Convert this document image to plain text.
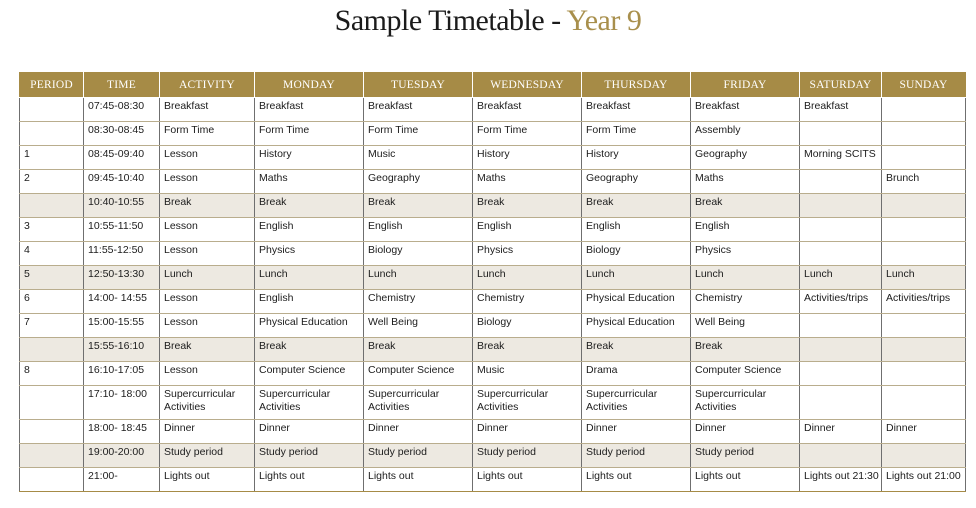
Sample Timetable - Year 9
PERIOD	TIME	ACTIVITY	MONDAY	TUESDAY	WEDNESDAY	THURSDAY	FRIDAY	SATURDAY	SUNDAY
	07:45-08:30	Breakfast	Breakfast	Breakfast	Breakfast	Breakfast	Breakfast	Breakfast	
	08:30-08:45	Form Time	Form Time	Form Time	Form Time	Form Time	Assembly		
1	08:45-09:40	Lesson	History	Music	History	History	Geography	Morning SCITS	
2	09:45-10:40	Lesson	Maths	Geography	Maths	Geography	Maths		Brunch
	10:40-10:55	Break	Break	Break	Break	Break	Break		
3	10:55-11:50	Lesson	English	English	English	English	English		
4	11:55-12:50	Lesson	Physics	Biology	Physics	Biology	Physics		
5	12:50-13:30	Lunch	Lunch	Lunch	Lunch	Lunch	Lunch	Lunch	Lunch
6	14:00- 14:55	Lesson	English	Chemistry	Chemistry	Physical Education	Chemistry	Activities/trips	Activities/trips
7	15:00-15:55	Lesson	Physical Education	Well Being	Biology	Physical Education	Well Being		
	15:55-16:10	Break	Break	Break	Break	Break	Break		
8	16:10-17:05	Lesson	Computer Science	Computer Science	Music	Drama	Computer Science		
	17:10- 18:00	Supercurricular Activities	Supercurricular Activities	Supercurricular Activities	Supercurricular Activities	Supercurricular Activities	Supercurricular Activities		
	18:00- 18:45	Dinner	Dinner	Dinner	Dinner	Dinner	Dinner	Dinner	Dinner
	19:00-20:00	Study period	Study period	Study period	Study period	Study period	Study period		
	21:00-	Lights out	Lights out	Lights out	Lights out	Lights out	Lights out	Lights out 21:30	Lights out 21:00
